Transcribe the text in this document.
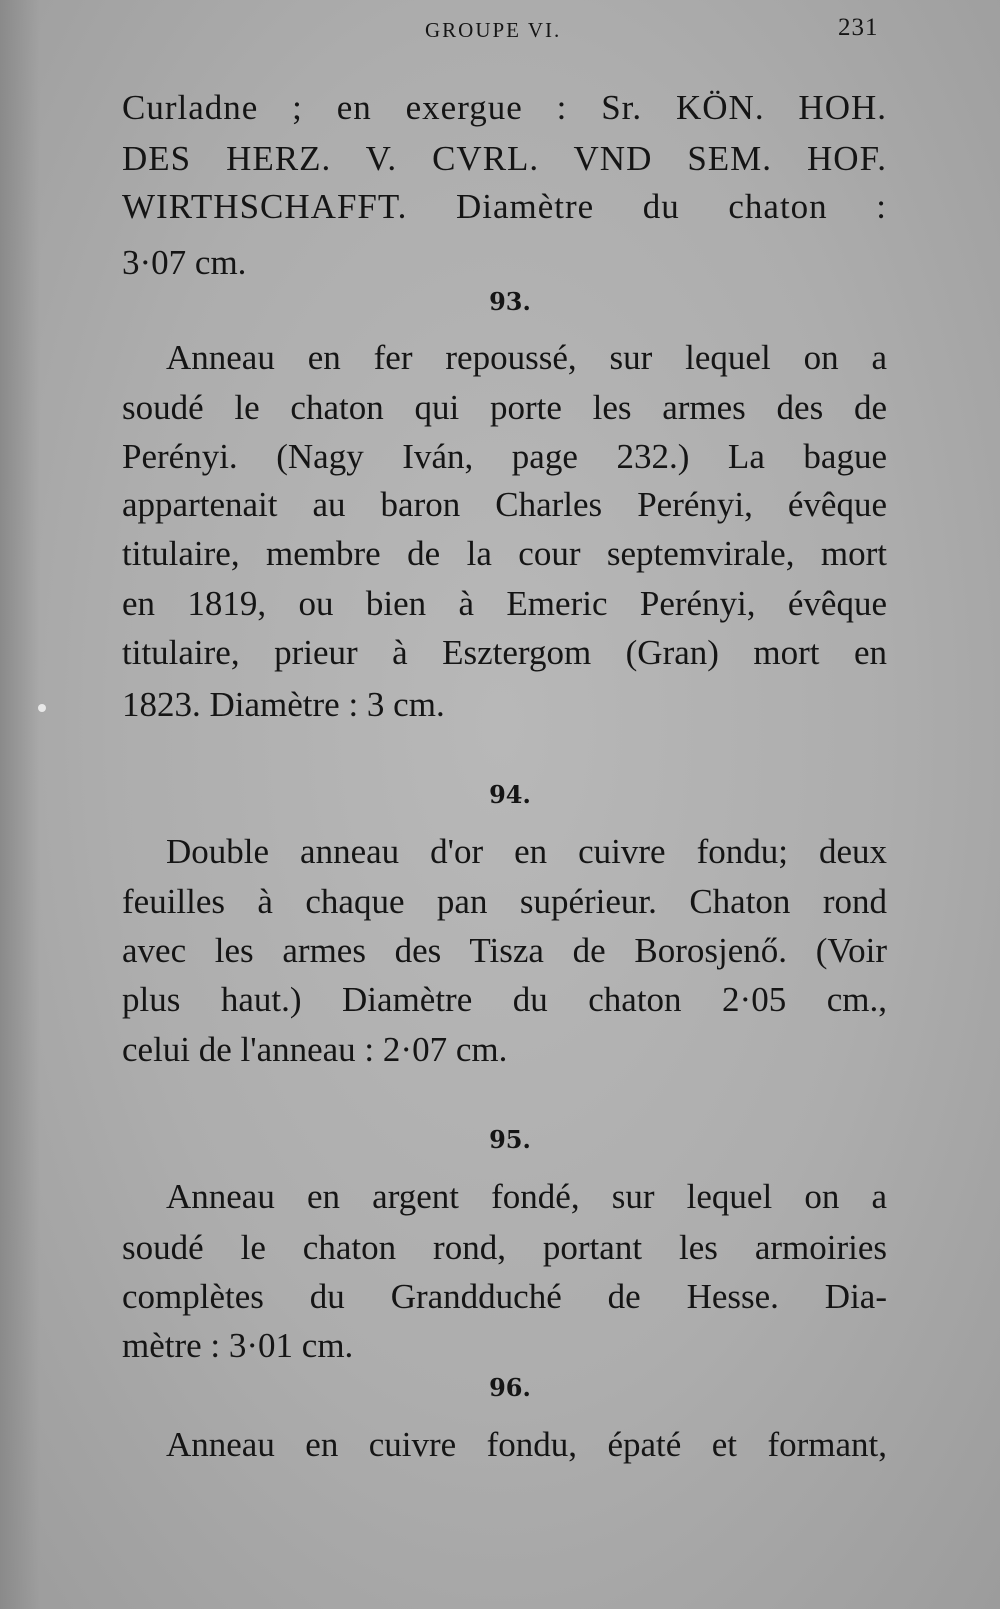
GROUPE VI.	231
Curladne ; en exergue : Sr. KÖN. HOH.
DES HERZ. V. CVRL. VND SEM. HOF.
WIRTHSCHAFFT. Diamètre du chaton :
3·07 cm.
93.
Anneau en fer repoussé, sur lequel on a
soudé le chaton qui porte les armes des de
Perényi. (Nagy Iván, page 232.) La bague
appartenait au baron Charles Perényi, évêque
titulaire, membre de la cour septemvirale, mort
en 1819, ou bien à Emeric Perényi, évêque
titulaire, prieur à Esztergom (Gran) mort en
1823. Diamètre : 3 cm.
94.
Double anneau d'or en cuivre fondu; deux
feuilles à chaque pan supérieur. Chaton rond
avec les armes des Tisza de Borosjenő. (Voir
plus haut.) Diamètre du chaton 2·05 cm.,
celui de l'anneau : 2·07 cm.
95.
Anneau en argent fondé, sur lequel on a
soudé le chaton rond, portant les armoiries
complètes du Grandduché de Hesse. Dia-
mètre : 3·01 cm.
96.
Anneau en cuivre fondu, épaté et formant,
